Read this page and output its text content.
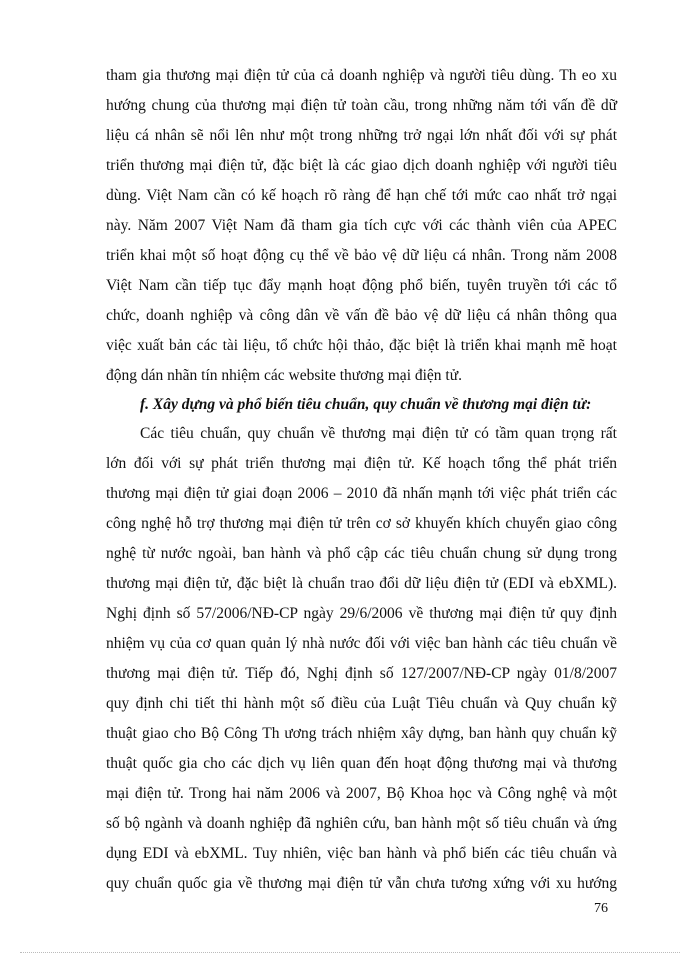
tham gia thương mại điện tử của cả doanh nghiệp và người tiêu dùng. Th eo xu
hướng chung của thương mại điện tử toàn cầu, trong những năm tới vấn đề dữ
liệu cá nhân sẽ nổi lên như một trong những trở ngại lớn nhất đối với sự phát
triển thương mại điện tử, đặc biệt là các giao dịch doanh nghiệp với người tiêu
dùng. Việt Nam cần có kế hoạch rõ ràng để hạn chế tới mức cao nhất trở ngại
này. Năm 2007 Việt Nam đã tham gia tích cực với các thành viên của APEC
triển khai một số hoạt động cụ thể về bảo vệ dữ liệu cá nhân. Trong năm 2008
Việt Nam cần tiếp tục đẩy mạnh hoạt động phổ biến, tuyên truyền tới các tổ
chức, doanh nghiệp và công dân về vấn đề bảo vệ dữ liệu cá nhân thông qua
việc xuất bản các tài liệu, tổ chức hội thảo, đặc biệt là triển khai mạnh mẽ hoạt
động dán nhãn tín nhiệm các website thương mại điện tử.
f. Xây dựng và phổ biến tiêu chuẩn, quy chuẩn về thương mại điện tử:
Các tiêu chuẩn, quy chuẩn về thương mại điện tử có tầm quan trọng rất
lớn đối với sự phát triển thương mại điện tử. Kế hoạch tổng thể phát triển
thương mại điện tử giai đoạn 2006 – 2010 đã nhấn mạnh tới việc phát triển các
công nghệ hỗ trợ thương mại điện tử trên cơ sở khuyến khích chuyển giao công
nghệ từ nước ngoài, ban hành và phổ cập các tiêu chuẩn chung sử dụng trong
thương mại điện tử, đặc biệt là chuẩn trao đổi dữ liệu điện tử (EDI và ebXML).
Nghị định số 57/2006/NĐ-CP ngày 29/6/2006 về thương mại điện tử quy định
nhiệm vụ của cơ quan quản lý nhà nước đối với việc ban hành các tiêu chuẩn về
thương mại điện tử. Tiếp đó, Nghị định số 127/2007/NĐ-CP ngày 01/8/2007
quy định chi tiết thi hành một số điều của Luật Tiêu chuẩn và Quy chuẩn kỹ
thuật giao cho Bộ Công Th ương trách nhiệm xây dựng, ban hành quy chuẩn kỹ
thuật quốc gia cho các dịch vụ liên quan đến hoạt động thương mại và thương
mại điện tử. Trong hai năm 2006 và 2007, Bộ Khoa học và Công nghệ và một
số bộ ngành và doanh nghiệp đã nghiên cứu, ban hành một số tiêu chuẩn và ứng
dụng EDI và ebXML. Tuy nhiên, việc ban hành và phổ biến các tiêu chuẩn và
quy chuẩn quốc gia về thương mại điện tử vẫn chưa tương xứng với xu hướng
76
